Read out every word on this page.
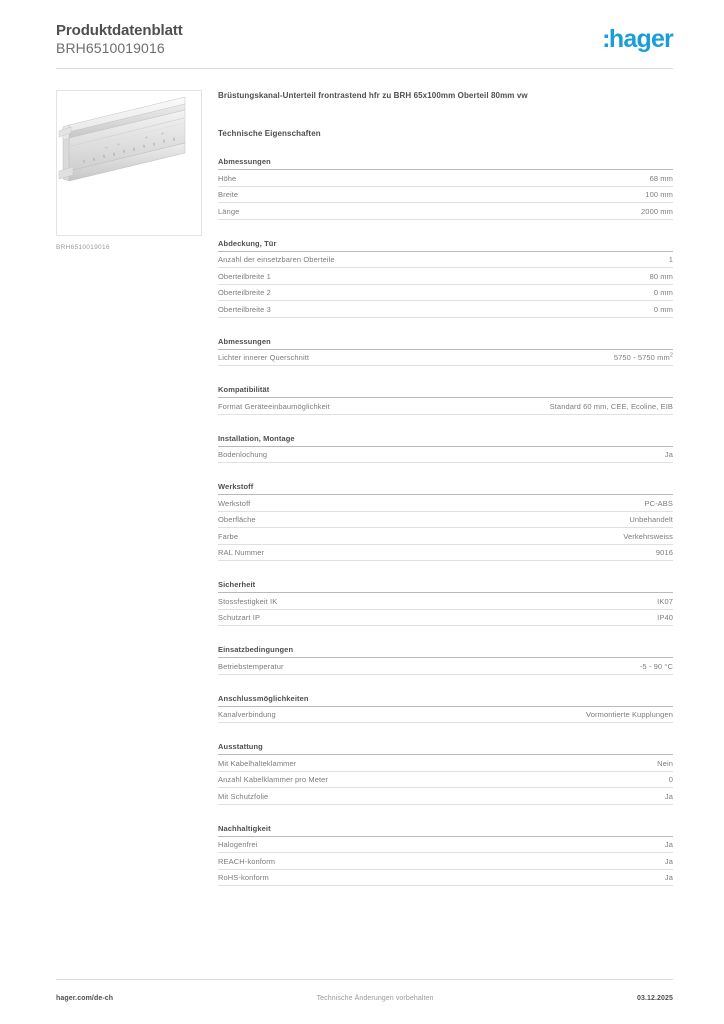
Produktdatenblatt
BRH6510019016	:hager
BRH6510019016
Brüstungskanal-Unterteil frontrastend hfr zu BRH 65x100mm Oberteil 80mm vw
Technische Eigenschaften
Abmessungen
Höhe	68 mm
Breite	100 mm
Länge	2000 mm
Abdeckung, Tür
Anzahl der einsetzbaren Oberteile	1
Oberteilbreite 1	80 mm
Oberteilbreite 2	0 mm
Oberteilbreite 3	0 mm
Abmessungen
Lichter innerer Querschnitt	5750 - 5750 $mm^2$
Kompatibilität
Format Geräteeinbaumöglichkeit	Standard 60 mm, CEE, Ecoline, EIB
Installation, Montage
Bodenlochung	Ja
Werkstoff
Werkstoff	PC-ABS
Oberfläche	Unbehandelt
Farbe	Verkehrsweiss
RAL Nummer	9016
Sicherheit
Stossfestigkeit IK	IK07
Schutzart IP	IP40
Einsatzbedingungen
Betriebstemperatur	-5 - 90 °C
Anschlussmöglichkeiten
Kanalverbindung	Vormontierte Kupplungen
Ausstattung
Mit Kabelhalteklammer	Nein
Anzahl Kabelklammer pro Meter	0
Mit Schutzfolie	Ja
Nachhaltigkeit
Halogenfrei	Ja
REACH-konform	Ja
RoHS-konform	Ja
hager.com/de-ch	Technische Änderungen vorbehalten	03.12.2025
